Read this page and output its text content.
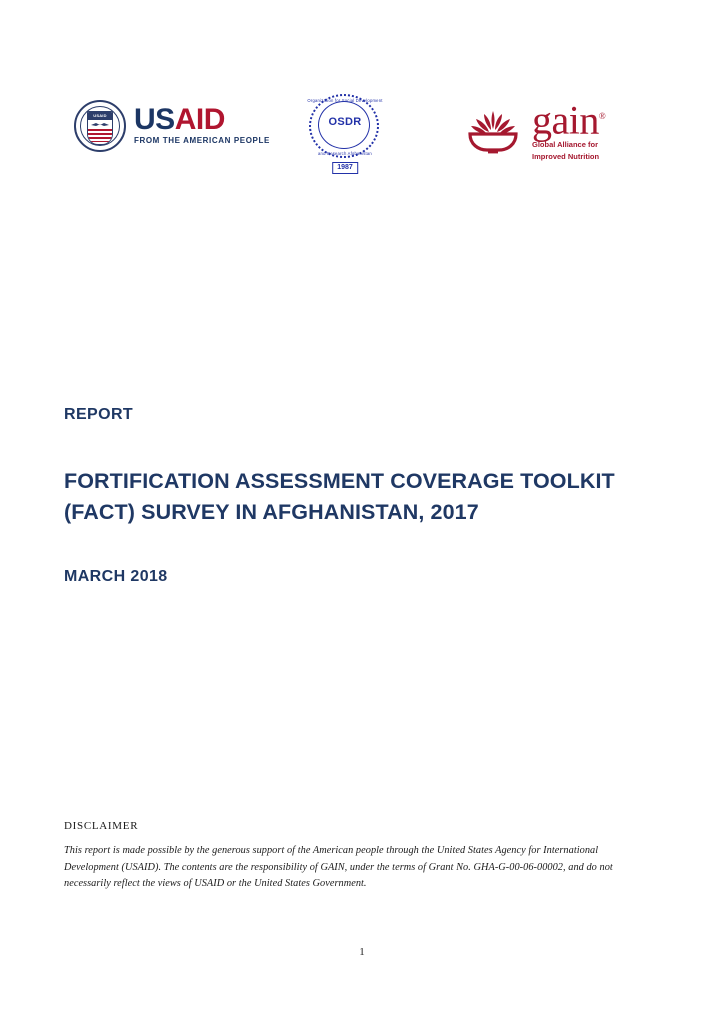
USAID USAID
FROM THE AMERICAN PEOPLE
Organization for Social Development
and Research Afghanistan
OSDR
1987
gain®
Global Alliance for
Improved Nutrition
REPORT
FORTIFICATION ASSESSMENT COVERAGE TOOLKIT (FACT) SURVEY IN AFGHANISTAN, 2017
MARCH 2018
DISCLAIMER
This report is made possible by the generous support of the American people through the United States Agency for International Development (USAID). The contents are the responsibility of GAIN, under the terms of Grant No. GHA-G-00-06-00002, and do not necessarily reflect the views of USAID or the United States Government.
1
